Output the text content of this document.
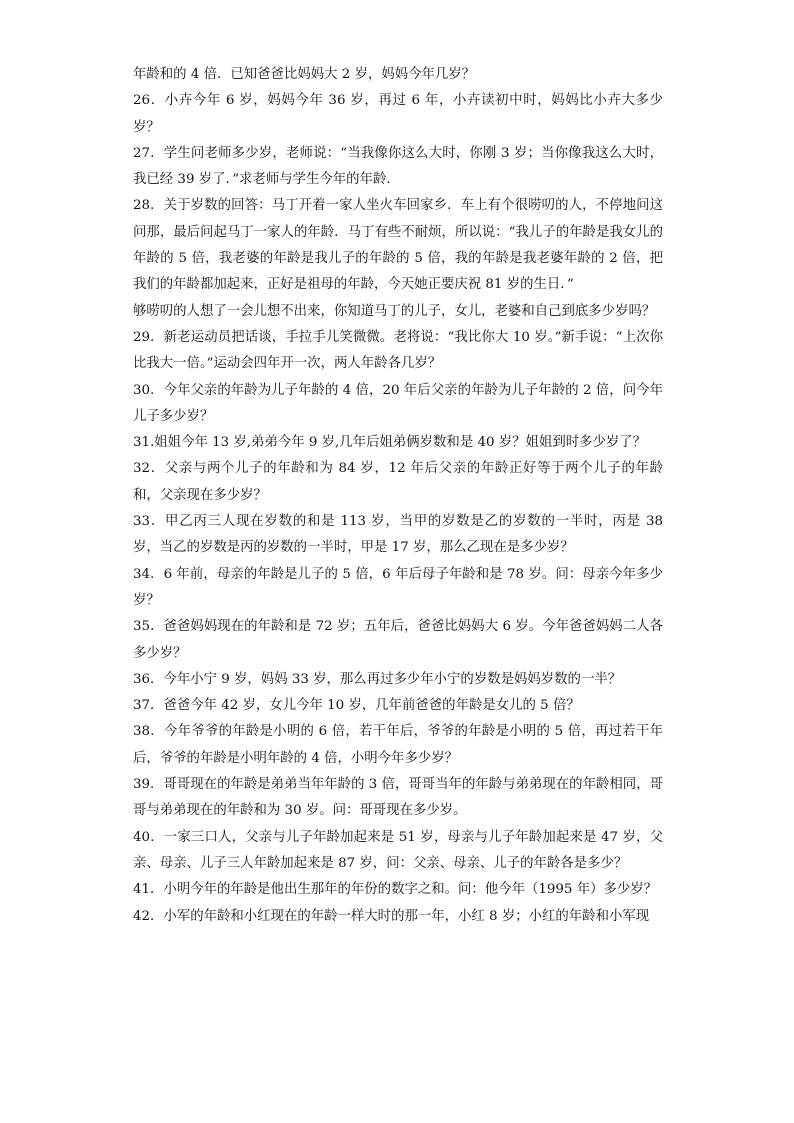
年龄和的 4 倍．已知爸爸比妈妈大 2 岁，妈妈今年几岁？

26．小卉今年 6 岁，妈妈今年 36 岁，再过 6 年，小卉读初中时，妈妈比小卉大多少岁？

27．学生问老师多少岁，老师说：“当我像你这么大时，你刚 3 岁；当你像我这么大时，我已经 39 岁了．”求老师与学生今年的年龄．

28．关于岁数的回答：马丁开着一家人坐火车回家乡．车上有个很唠叨的人，不停地问这问那，最后问起马丁一家人的年龄．马丁有些不耐烦，所以说：“我儿子的年龄是我女儿的年龄的 5 倍，我老婆的年龄是我儿子的年龄的 5 倍，我的年龄是我老婆年龄的 2 倍，把我们的年龄都加起来，正好是祖母的年龄，今天她正要庆祝 81 岁的生日．”

够唠叨的人想了一会儿想不出来，你知道马丁的儿子，女儿，老婆和自己到底多少岁吗？

29．新老运动员把话谈，手拉手儿笑微微。老将说：“我比你大 10 岁。”新手说：“上次你比我大一倍。”运动会四年开一次，两人年龄各几岁？

30．今年父亲的年龄为儿子年龄的 4 倍，20 年后父亲的年龄为儿子年龄的 2 倍，问今年儿子多少岁？

31.姐姐今年 13 岁,弟弟今年 9 岁,几年后姐弟俩岁数和是 40 岁？姐姐到时多少岁了？

32．父亲与两个儿子的年龄和为 84 岁，12 年后父亲的年龄正好等于两个儿子的年龄和，父亲现在多少岁？

33．甲乙丙三人现在岁数的和是 113 岁，当甲的岁数是乙的岁数的一半时，丙是 38 岁，当乙的岁数是丙的岁数的一半时，甲是 17 岁，那么乙现在是多少岁？

34．6 年前，母亲的年龄是儿子的 5 倍，6 年后母子年龄和是 78 岁。问：母亲今年多少岁？

35．爸爸妈妈现在的年龄和是 72 岁；五年后，爸爸比妈妈大 6 岁。今年爸爸妈妈二人各多少岁？

36．今年小宁 9 岁，妈妈 33 岁，那么再过多少年小宁的岁数是妈妈岁数的一半？

37．爸爸今年 42 岁，女儿今年 10 岁，几年前爸爸的年龄是女儿的 5 倍？

38．今年爷爷的年龄是小明的 6 倍，若干年后，爷爷的年龄是小明的 5 倍，再过若干年后，爷爷的年龄是小明年龄的 4 倍，小明今年多少岁？

39．哥哥现在的年龄是弟弟当年年龄的 3 倍，哥哥当年的年龄与弟弟现在的年龄相同，哥哥与弟弟现在的年龄和为 30 岁。问：哥哥现在多少岁。

40．一家三口人，父亲与儿子年龄加起来是 51 岁，母亲与儿子年龄加起来是 47 岁，父亲、母亲、儿子三人年龄加起来是 87 岁，问：父亲、母亲、儿子的年龄各是多少？

41．小明今年的年龄是他出生那年的年份的数字之和。问：他今年（1995 年）多少岁？

42．小军的年龄和小红现在的年龄一样大时的那一年，小红 8 岁；小红的年龄和小军现
